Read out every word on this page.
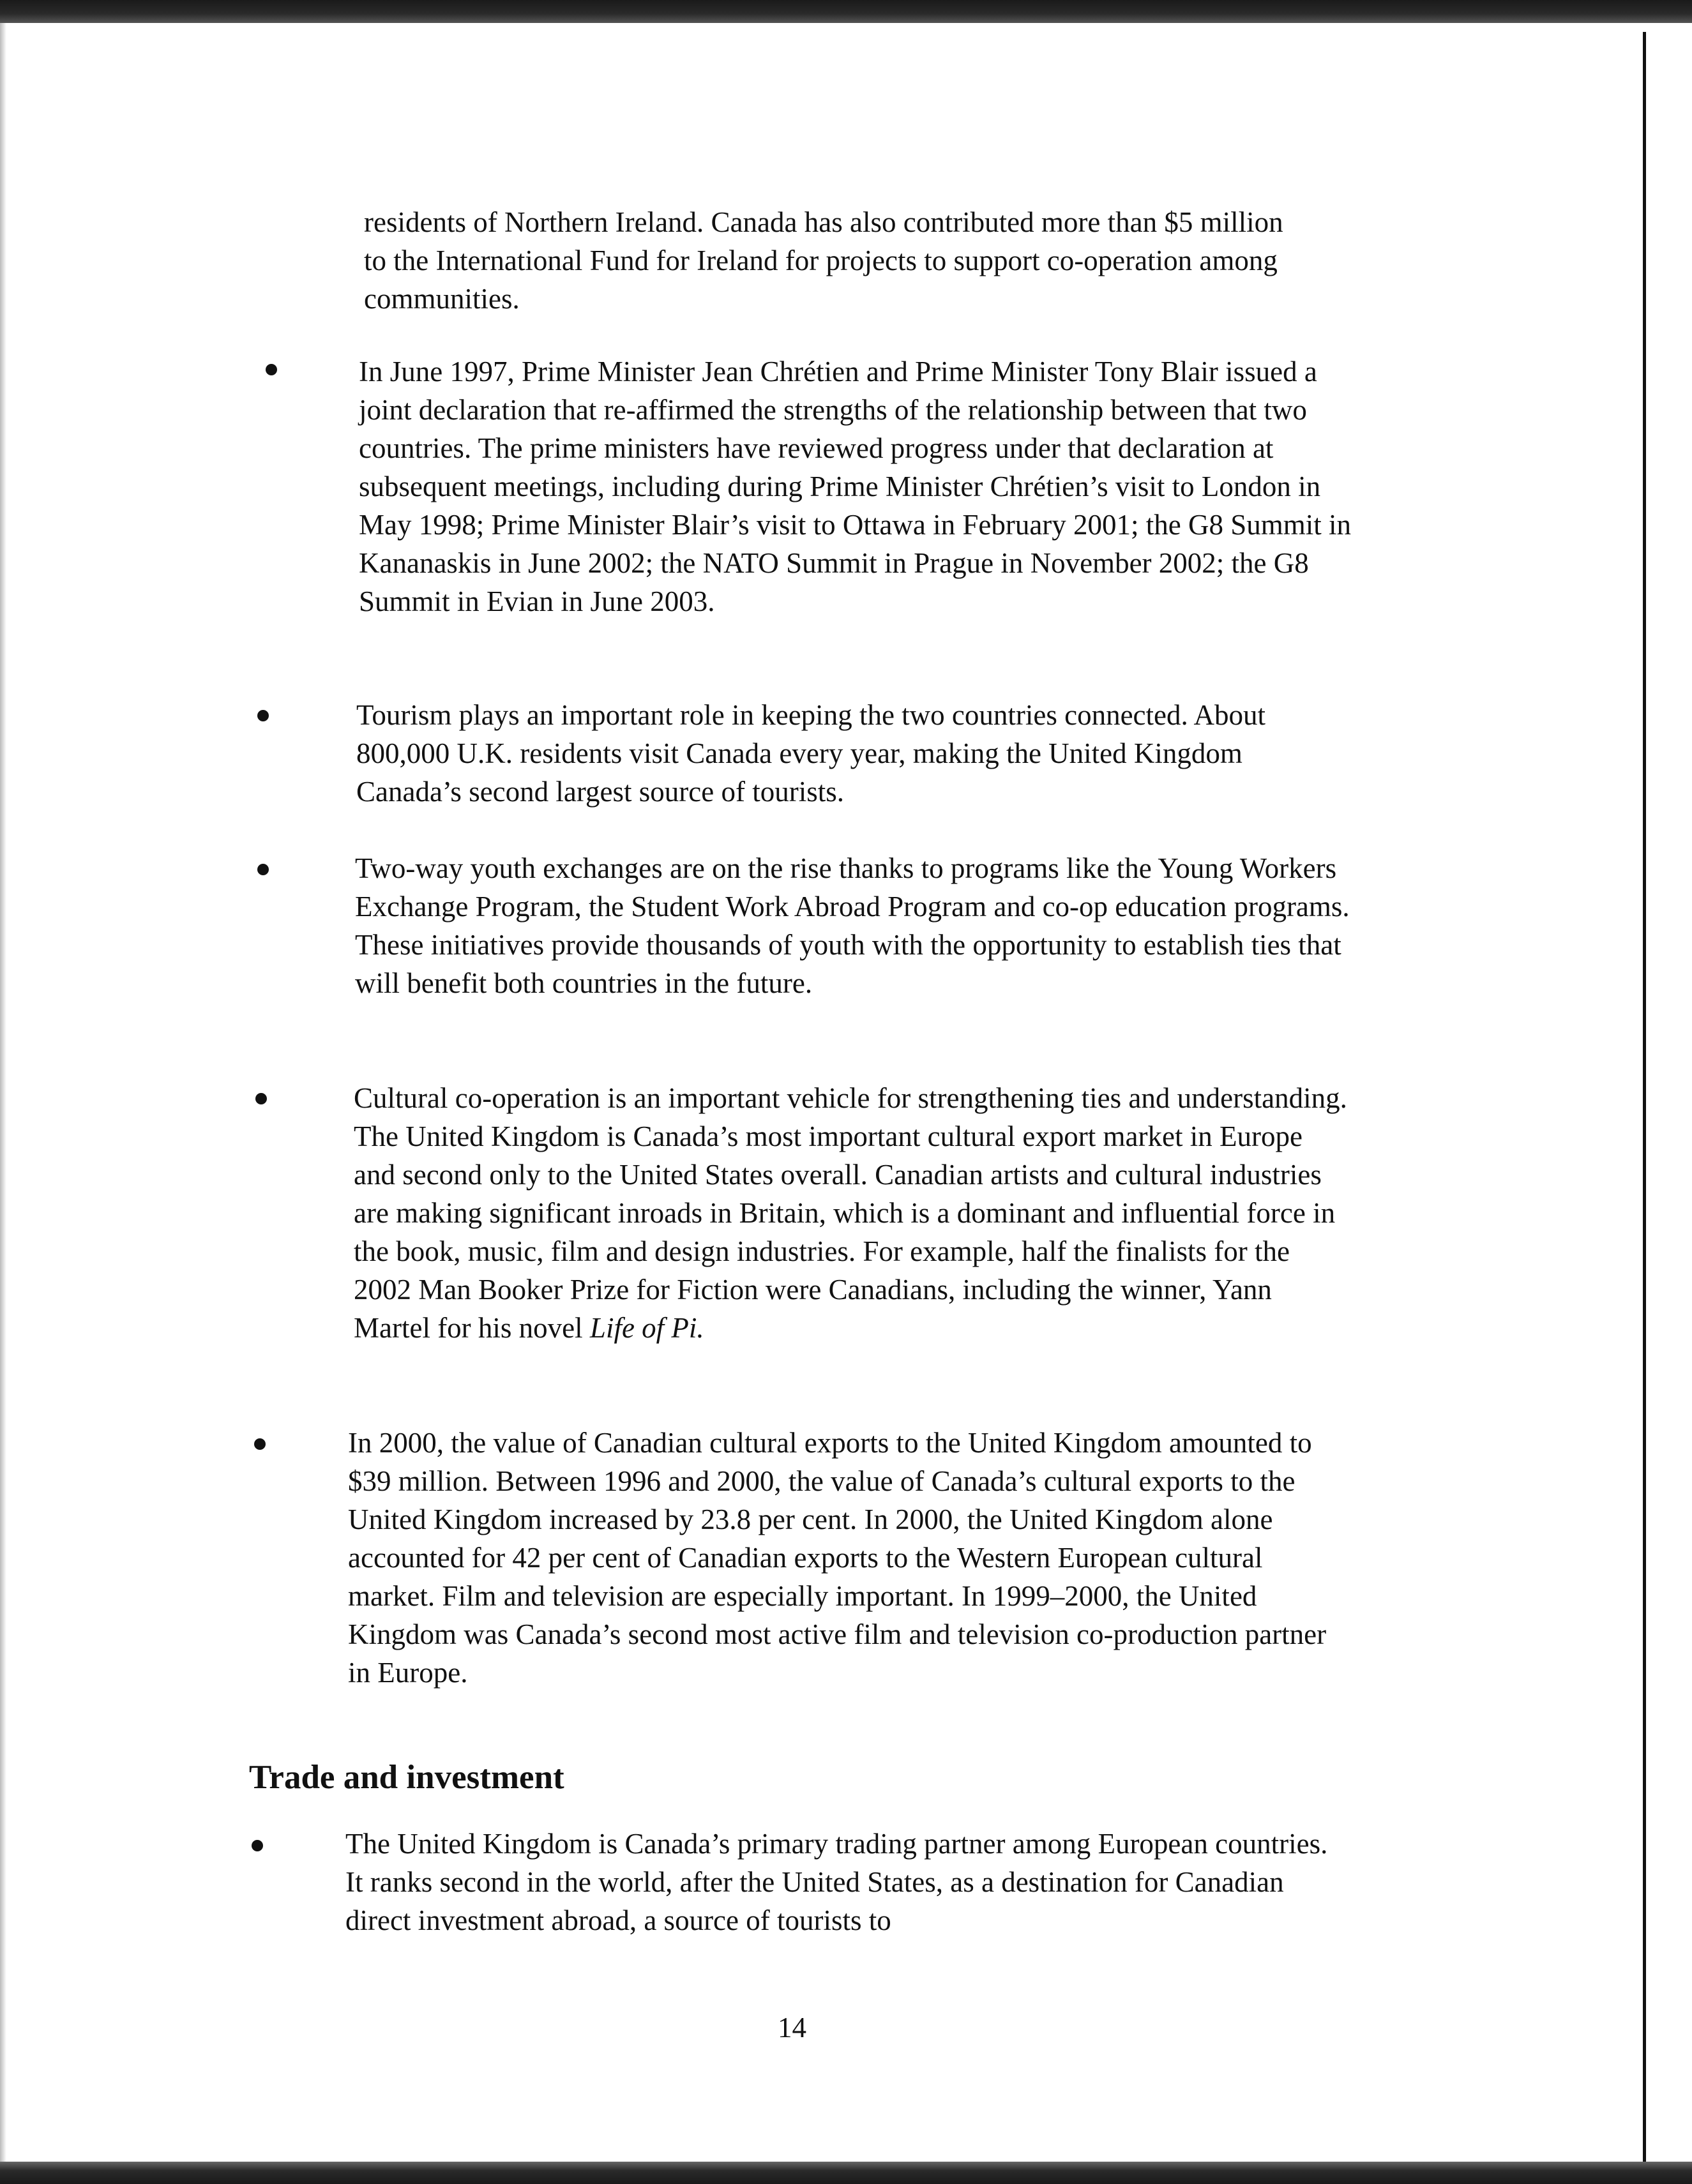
residents of Northern Ireland. Canada has also contributed more than $5 million to the International Fund for Ireland for projects to support co-operation among communities.

In June 1997, Prime Minister Jean Chrétien and Prime Minister Tony Blair issued a joint declaration that re-affirmed the strengths of the relationship between that two countries. The prime ministers have reviewed progress under that declaration at subsequent meetings, including during Prime Minister Chrétien’s visit to London in May 1998; Prime Minister Blair’s visit to Ottawa in February 2001; the G8 Summit in Kananaskis in June 2002; the NATO Summit in Prague in November 2002; the G8 Summit in Evian in June 2003.

Tourism plays an important role in keeping the two countries connected. About 800,000 U.K. residents visit Canada every year, making the United Kingdom Canada’s second largest source of tourists.

Two-way youth exchanges are on the rise thanks to programs like the Young Workers Exchange Program, the Student Work Abroad Program and co-op education programs. These initiatives provide thousands of youth with the opportunity to establish ties that will benefit both countries in the future.

Cultural co-operation is an important vehicle for strengthening ties and understanding. The United Kingdom is Canada’s most important cultural export market in Europe and second only to the United States overall. Canadian artists and cultural industries are making significant inroads in Britain, which is a dominant and influential force in the book, music, film and design industries. For example, half the finalists for the 2002 Man Booker Prize for Fiction were Canadians, including the winner, Yann Martel for his novel Life of Pi.

In 2000, the value of Canadian cultural exports to the United Kingdom amounted to $39 million. Between 1996 and 2000, the value of Canada’s cultural exports to the United Kingdom increased by 23.8 per cent. In 2000, the United Kingdom alone accounted for 42 per cent of Canadian exports to the Western European cultural market. Film and television are especially important. In 1999–2000, the United Kingdom was Canada’s second most active film and television co-production partner in Europe.

Trade and investment

The United Kingdom is Canada’s primary trading partner among European countries. It ranks second in the world, after the United States, as a destination for Canadian direct investment abroad, a source of tourists to

14
